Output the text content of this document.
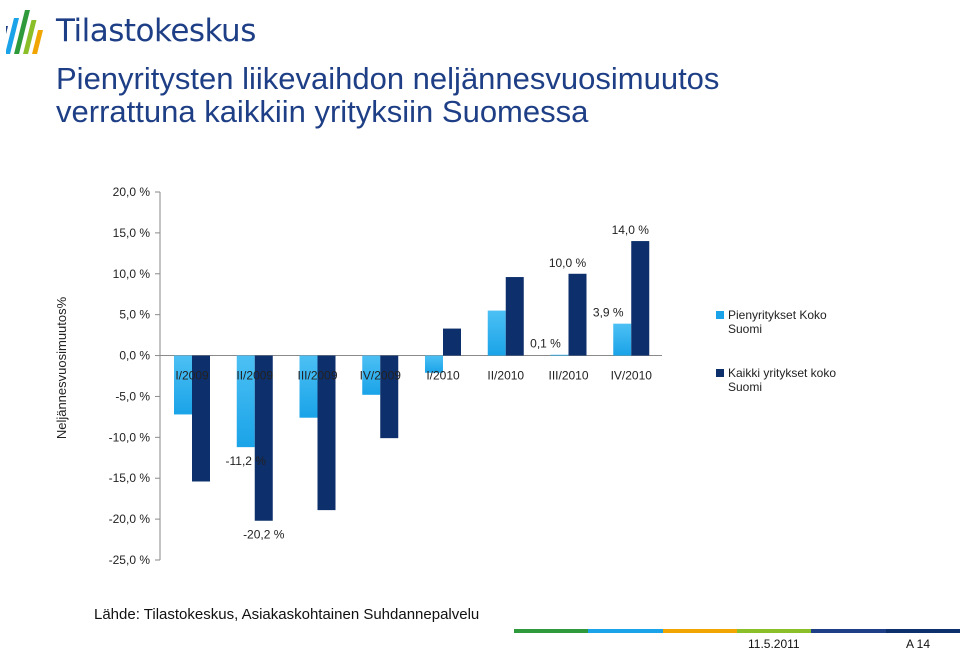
Tilastokeskus
Pienyritysten liikevaihdon neljännesvuosimuutos
verrattuna kaikkiin yrityksiin Suomessa
20,0 %
15,0 %
10,0 %
5,0 %
0,0 %
-5,0 %
-10,0 %
-15,0 %
-20,0 %
-25,0 %
Neljännesvuosimuutos%	I/2009 II/2009 III/2009 IV/2009 I/2010 II/2010 III/2010 IV/2010
-11,2 %
-20,2 %
0,1 %
10,0 %
3,9 %
14,0 %
Pienyritykset Koko Suomi
Kaikki yritykset koko Suomi
Lähde: Tilastokeskus, Asiakaskohtainen Suhdannepalvelu
11.5.2011	A 14
